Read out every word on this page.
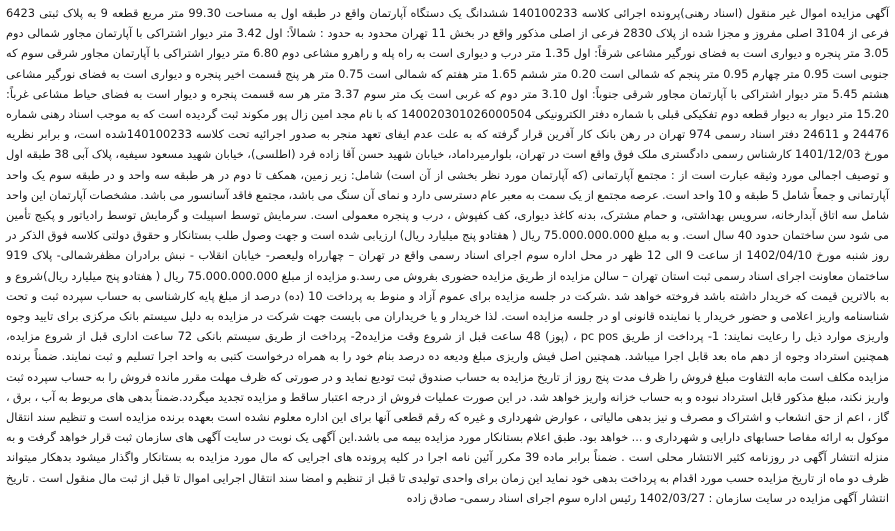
آگهی مزایده اموال غیر منقول (اسناد رهنی)پرونده اجرائی کلاسه 140100233 ششدانگ یک دستگاه آپارتمان واقع در طبقه اول به مساحت 99.30 متر مربع قطعه 9 به پلاک ثبتی 6423 فرعی از 3104 اصلی مفروز و مجزا شده از پلاک 2830 فرعی از اصلی مذکور واقع در بخش 11 تهران محدود به حدود : شمالاً: اول 3.42 متر دیوار اشتراکی با آپارتمان مجاور شمالی دوم 3.05 متر پنجره و دیواری است به فضای نورگیر مشاعی شرقاً: اول 1.35 متر درب و دیواری است به راه پله و راهرو مشاعی دوم 6.80 متر دیوار اشتراکی با آپارتمان مجاور شرقی سوم که جنوبی است 0.95 متر چهارم 0.95 متر پنجم که شمالی است 0.20 متر ششم 1.65 متر هفتم که شمالی است 0.75 متر هر پنج قسمت اخیر پنجره و دیواری است به فضای نورگیر مشاعی هشتم 5.45 متر دیوار اشتراکی با آپارتمان مجاور شرقی جنوباً: اول 3.10 متر دوم که غربی است یک متر سوم 3.37 متر هر سه قسمت پنجره و دیوار است به فضای حیاط مشاعی غرباً: 15.20 متر دیوار به دیوار قطعه دوم تفکیکی قبلی با شماره دفتر الکترونیکی 140020301026000504 که با نام مجد امین زال پور مکوند ثبت گردیده است که به موجب اسناد رهنی شماره 24476 و 24611 دفتر اسناد رسمی 974 تهران در رهن بانک کار آفرین قرار گرفته که به علت عدم ایفای تعهد منجر به صدور اجرائیه تحت کلاسه 140100233شده است، و برابر نظریه مورخ 1401/12/03 کارشناس رسمی دادگستری ملک فوق واقع است در تهران، بلوارمیرداماد، خیابان شهید حسن آقا زاده فرد (اطلسی)، خیابان شهید مسعود سیفیه، پلاک آبی 38 طبقه اول و توصیف اجمالی مورد وثیقه عبارت است از : مجتمع آپارتمانی (که آپارتمان مورد نظر بخشی از آن است) شامل: زیر زمین، همکف تا دوم در هر طبقه سه واحد و در طبقه سوم یک واحد آپارتمانی و جمعاً شامل 5 طبقه و 10 واحد است. عرصه مجتمع از یک سمت به معبر عام دسترسی دارد و نمای آن سنگ می باشد، مجتمع فاقد آسانسور می باشد. مشخصات آپارتمان این واحد شامل سه اتاق آبدارخانه، سرویس بهداشتی، و حمام مشترک، بدنه کاغذ دیواری، کف کفپوش ، درب و پنجره معمولی است. سرمایش توسط اسپیلت و گرمایش توسط رادیاتور و پکیج تأمین می شود سن ساختمان حدود 40 سال است. و به مبلغ 75.000.000.000 ریال ( هفتادو پنج میلیارد ریال) ارزیابی شده است و جهت وصول طلب بستانکار و حقوق دولتی کلاسه فوق الذکر در روز شنبه مورخ 1402/04/10 از ساعت 9 الی 12 ظهر در محل اداره سوم اجرای اسناد رسمی واقع در تهران – چهارراه ولیعصر- خیابان انقلاب - نبش برادران مظفرشمالی- پلاک 919 ساختمان معاونت اجرای اسناد رسمی ثبت استان تهران – سالن مزایده از طریق مزایده حضوری بفروش می رسد.و مزایده از مبلغ 75.000.000.000 ریال ( هفتادو پنج میلیارد ریال)شروع و به بالاترین قیمت که خریدار داشته باشد فروخته خواهد شد .شرکت در جلسه مزایده برای عموم آزاد و منوط به پرداخت 10 (ده) درصد از مبلغ پایه کارشناسی به حساب سپرده ثبت و تحت شناسنامه واریز اعلامی و حضور خریدار یا نماینده قانونی او در جلسه مزایده است. لذا خریدار و یا خریداران می بایست جهت شرکت در مزایده به دلیل سیستم بانک مرکزی برای تایید وجوه واریزی موارد ذیل را رعایت نمایند: 1- پرداخت از طریق pc pos ، (پوز) 48 ساعت قبل از شروع وقت مزایده2- پرداخت از طریق سیستم بانکی 72 ساعت اداری قبل از شروع مزایده، همچنین استرداد وجوه از دهم ماه بعد قابل اجرا میباشد. همچنین اصل فیش واریزی مبلغ ودیعه ده درصد بنام خود را به همراه درخواست کتبی به واحد اجرا تسلیم و ثبت نمایند. ضمناً برنده مزایده مکلف است مابه التفاوت مبلغ فروش را ظرف مدت پنج روز از تاریخ مزایده به حساب صندوق ثبت تودیع نماید و در صورتی که ظرف مهلت مقرر مانده فروش را به حساب سپرده ثبت واریز نکند، مبلغ مذکور قابل استرداد نبوده و به حساب خزانه واریز خواهد شد. در این صورت عملیات فروش از درجه اعتبار ساقط و مزایده تجدید میگردد.ضمناً بدهی های مربوط به آب ، برق ، گاز ، اعم از حق انشعاب و اشتراک و مصرف و نیز بدهی مالیاتی ، عوارض شهرداری و غیره که رقم قطعی آنها برای این اداره معلوم نشده است بعهده برنده مزایده است و تنظیم سند انتقال موکول به ارائه مفاصا حسابهای دارایی و شهرداری و ... خواهد بود. طبق اعلام بستانکار مورد مزایده بیمه می باشد.این آگهی یک نوبت در سایت آگهی های سازمان ثبت قرار خواهد گرفت و به منزله انتشار آگهی در روزنامه کثیر الانتشار محلی است . ضمناً برابر ماده 39 مکرر آئین نامه اجرا در کلیه پرونده های اجرایی که مال مورد مزایده به بستانکار واگذار میشود بدهکار میتواند ظرف دو ماه از تاریخ مزایده حسب مورد اقدام به پرداخت بدهی خود نماید این زمان برای واحدی تولیدی تا قبل از تنظیم و امضا سند انتقال اجرایی اموال تا قبل از ثبت مال منقول است . تاریخ انتشار آگهی مزایده در سایت سازمان : 1402/03/27 رئیس اداره سوم اجرای اسناد رسمی- صادق زاده
